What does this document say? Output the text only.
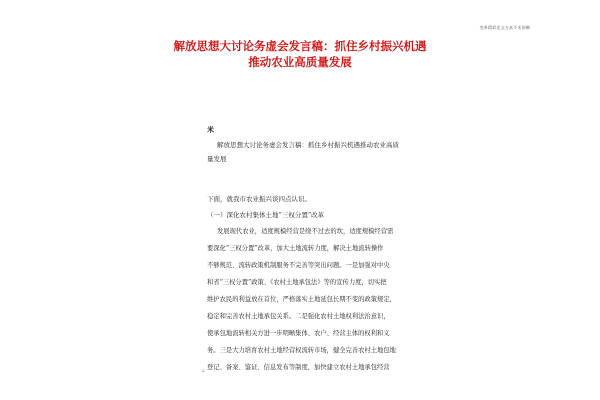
变革精彩范文万本不求围栅
解放思想大讨论务虚会发言稿：抓住乡村振兴机遇
推动农业高质量发展
米

解放思想大讨论务虚会发言稿：抓住乡村振兴机遇推动农业高质

量发展

下面，就我市农业振兴谈四点认识。
（一）深化农村集体土地“三权分置”改革

发展现代农业，适度规模经营是绕不过去的坎，适度规模经营需

要深化“三权分置”改革，加大土地流转力度，解决土地流转操作

不够规范、流转政策机制服务不完善等突出问题。一是加强对中央

和省“三权分置”政策、《农村土地承包法》等的宣传力度，切实把

维护农民的利益放在首位，严格落实土地延包长期不变的政策规定，

稳定和完善农村土地承包关系。二是强化农村土地权利法治意识，

使承包地流转相关方进一步明晰集体、农户、经营主体的权利和义

务。三是大力培育农村土地经营权流转市场，健全完善农村土地包地

登记、备案、鉴证、信息发布等制度，加快建立农村土地承包经营

2
